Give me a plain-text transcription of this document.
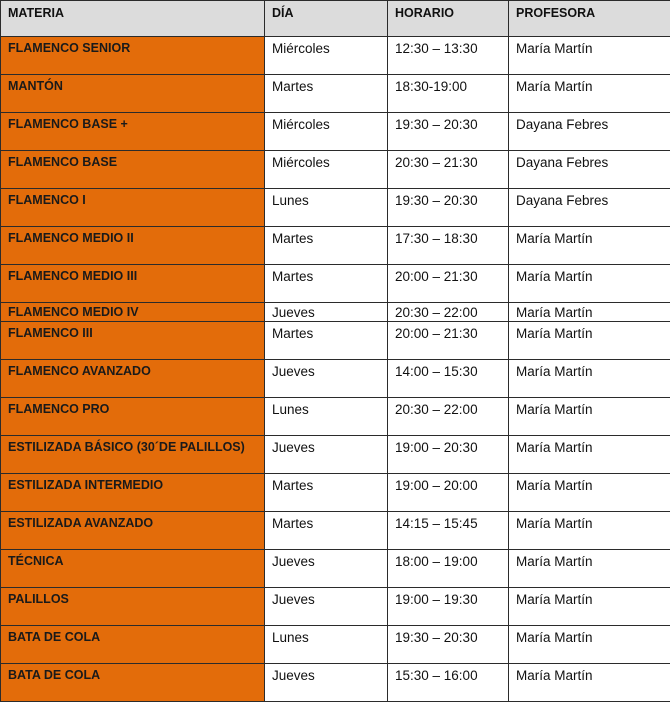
MATERIA	DÍA	HORARIO	PROFESORA
FLAMENCO SENIOR	Miércoles	12:30 – 13:30	María Martín
MANTÓN	Martes	18:30-19:00	María Martín
FLAMENCO BASE +	Miércoles	19:30 – 20:30	Dayana Febres
FLAMENCO BASE	Miércoles	20:30 – 21:30	Dayana Febres
FLAMENCO I	Lunes	19:30 – 20:30	Dayana Febres
FLAMENCO MEDIO II	Martes	17:30 – 18:30	María Martín
FLAMENCO MEDIO III	Martes	20:00 – 21:30	María Martín
FLAMENCO MEDIO IV	Jueves	20:30 – 22:00	María Martín
FLAMENCO III	Martes	20:00 – 21:30	María Martín
FLAMENCO AVANZADO	Jueves	14:00 – 15:30	María Martín
FLAMENCO PRO	Lunes	20:30 – 22:00	María Martín
ESTILIZADA BÁSICO (30´DE PALILLOS)	Jueves	19:00 – 20:30	María Martín
ESTILIZADA INTERMEDIO	Martes	19:00 – 20:00	María Martín
ESTILIZADA AVANZADO	Martes	14:15 – 15:45	María Martín
TÉCNICA	Jueves	18:00 – 19:00	María Martín
PALILLOS	Jueves	19:00 – 19:30	María Martín
BATA DE COLA	Lunes	19:30 – 20:30	María Martín
BATA DE COLA	Jueves	15:30 – 16:00	María Martín
